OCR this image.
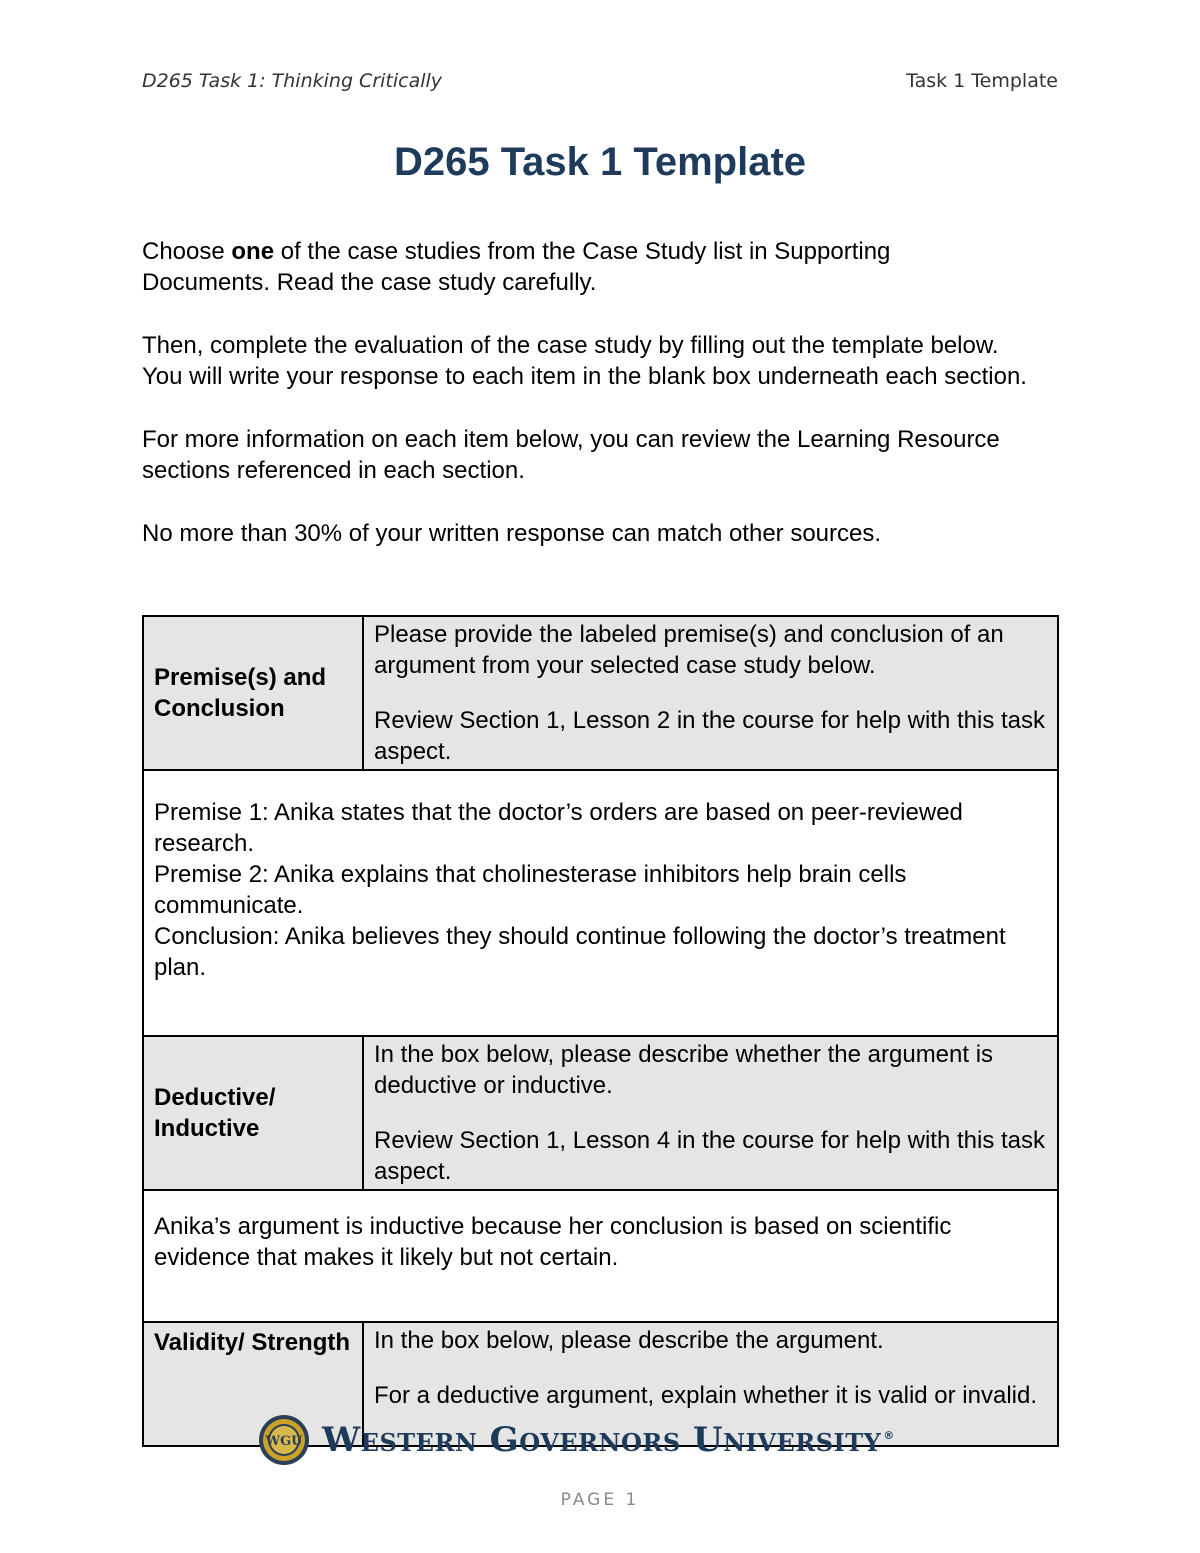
D265 Task 1: Thinking Critically	Task 1 Template
D265 Task 1 Template

Choose one of the case studies from the Case Study list in Supporting Documents. Read the case study carefully.

Then, complete the evaluation of the case study by filling out the template below. You will write your response to each item in the blank box underneath each section.

For more information on each item below, you can review the Learning Resource sections referenced in each section.

No more than 30% of your written response can match other sources.

Premise(s) and Conclusion	Please provide the labeled premise(s) and conclusion of an argument from your selected case study below.

Review Section 1, Lesson 2 in the course for help with this task aspect.

Premise 1: Anika states that the doctor’s orders are based on peer-reviewed research.

Premise 2: Anika explains that cholinesterase inhibitors help brain cells communicate.

Conclusion: Anika believes they should continue following the doctor’s treatment plan.	

Deductive/ Inductive	In the box below, please describe whether the argument is deductive or inductive.

Review Section 1, Lesson 4 in the course for help with this task aspect.

Anika’s argument is inductive because her conclusion is based on scientific evidence that makes it likely but not certain.	

Validity/ Strength	In the box below, please describe the argument.

For a deductive argument, explain whether it is valid or invalid.

WGU Western Governors University ®
PAGE 1
